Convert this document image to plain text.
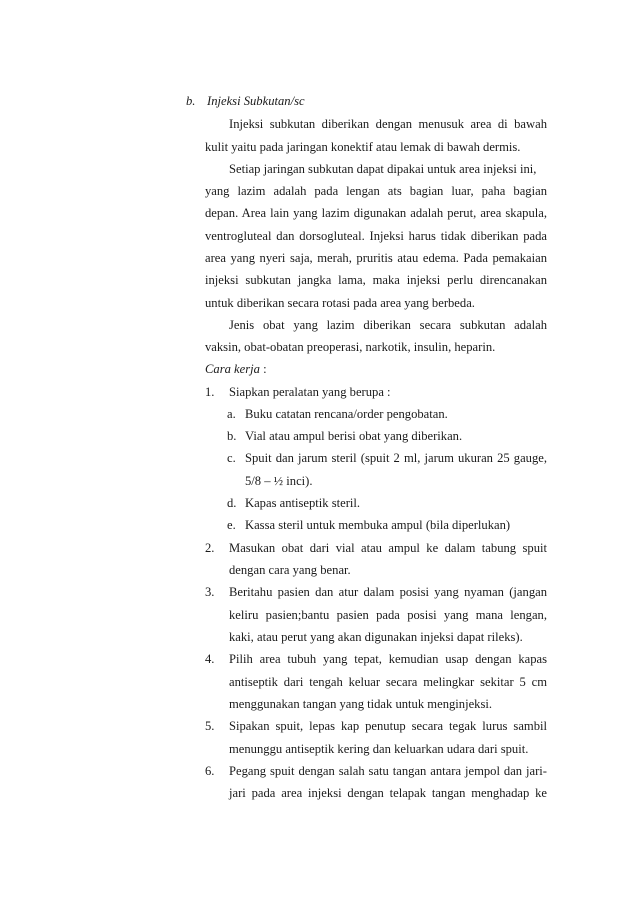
b. Injeksi Subkutan/sc
Injeksi subkutan diberikan dengan menusuk area di bawah
kulit yaitu pada jaringan konektif atau lemak di bawah dermis.
Setiap jaringan subkutan dapat dipakai untuk area injeksi ini,
yang lazim adalah pada lengan ats bagian luar, paha bagian
depan. Area lain yang lazim digunakan adalah perut, area skapula,
ventrogluteal dan dorsogluteal. Injeksi harus tidak diberikan pada
area yang nyeri saja, merah, pruritis atau edema. Pada pemakaian
injeksi subkutan jangka lama, maka injeksi perlu direncanakan
untuk diberikan secara rotasi pada area yang berbeda.
Jenis obat yang lazim diberikan secara subkutan adalah
vaksin, obat-obatan preoperasi, narkotik, insulin, heparin.
Cara kerja :
1. Siapkan peralatan yang berupa :
a. Buku catatan rencana/order pengobatan.
b. Vial atau ampul berisi obat yang diberikan.
c. Spuit dan jarum steril (spuit 2 ml, jarum ukuran 25 gauge,
5/8 – ½ inci).
d. Kapas antiseptik steril.
e. Kassa steril untuk membuka ampul (bila diperlukan)
2. Masukan obat dari vial atau ampul ke dalam tabung spuit
dengan cara yang benar.
3. Beritahu pasien dan atur dalam posisi yang nyaman (jangan
keliru pasien;bantu pasien pada posisi yang mana lengan,
kaki, atau perut yang akan digunakan injeksi dapat rileks).
4. Pilih area tubuh yang tepat, kemudian usap dengan kapas
antiseptik dari tengah keluar secara melingkar sekitar 5 cm
menggunakan tangan yang tidak untuk menginjeksi.
5. Sipakan spuit, lepas kap penutup secara tegak lurus sambil
menunggu antiseptik kering dan keluarkan udara dari spuit.
6. Pegang spuit dengan salah satu tangan antara jempol dan jari-
jari pada area injeksi dengan telapak tangan menghadap ke
